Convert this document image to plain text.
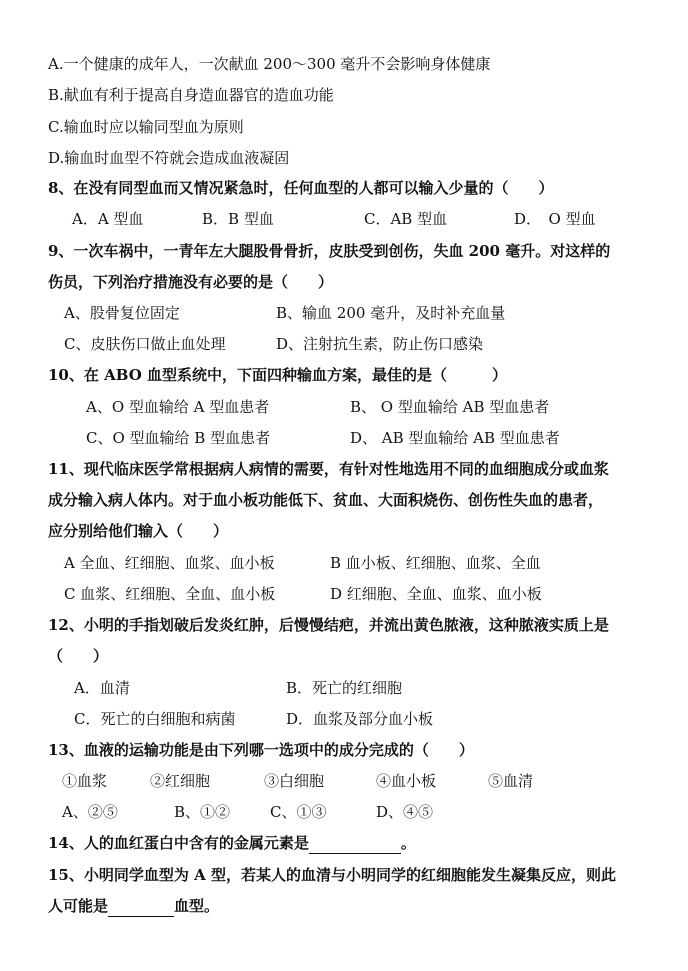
A.一个健康的成年人，一次献血 200～300 毫升不会影响身体健康
B.献血有利于提高自身造血器官的造血功能
C.输血时应以输同型血为原则
D.输血时血型不符就会造成血液凝固
8、在没有同型血而又情况紧急时，任何血型的人都可以输入少量的（　　）
A．A 型血	B．B 型血	C．AB 型血	D．　O 型血
9、一次车祸中，一青年左大腿股骨骨折，皮肤受到创伤，失血 200 毫升。对这样的
伤员，下列治疗措施没有必要的是（　　）
A、股骨复位固定	B、输血 200 毫升，及时补充血量
C、皮肤伤口做止血处理	D、注射抗生素，防止伤口感染
10、在 ABO 血型系统中，下面四种输血方案，最佳的是（　　　）
A、O 型血输给 A 型血患者	B、 O 型血输给 AB 型血患者
C、O 型血输给 B 型血患者	D、 AB 型血输给 AB 型血患者
11、现代临床医学常根据病人病情的需要，有针对性地选用不同的血细胞成分或血浆
成分输入病人体内。对于血小板功能低下、贫血、大面积烧伤、创伤性失血的患者，
应分别给他们输入（　　）
A 全血、红细胞、血浆、血小板	B 血小板、红细胞、血浆、全血
C 血浆、红细胞、全血、血小板	D 红细胞、全血、血浆、血小板
12、小明的手指划破后发炎红肿，后慢慢结疤，并流出黄色脓液，这种脓液实质上是
（　　）
A．血清	B．死亡的红细胞
C．死亡的白细胞和病菌	D．血浆及部分血小板
13、血液的运输功能是由下列哪一选项中的成分完成的（　　）
①血浆	②红细胞	③白细胞	④血小板	⑤血清
A、②⑤	B、①②	C、①③	D、④⑤
14、人的血红蛋白中含有的金属元素是	。
15、小明同学血型为 A 型，若某人的血清与小明同学的红细胞能发生凝集反应，则此
人可能是	血型。
